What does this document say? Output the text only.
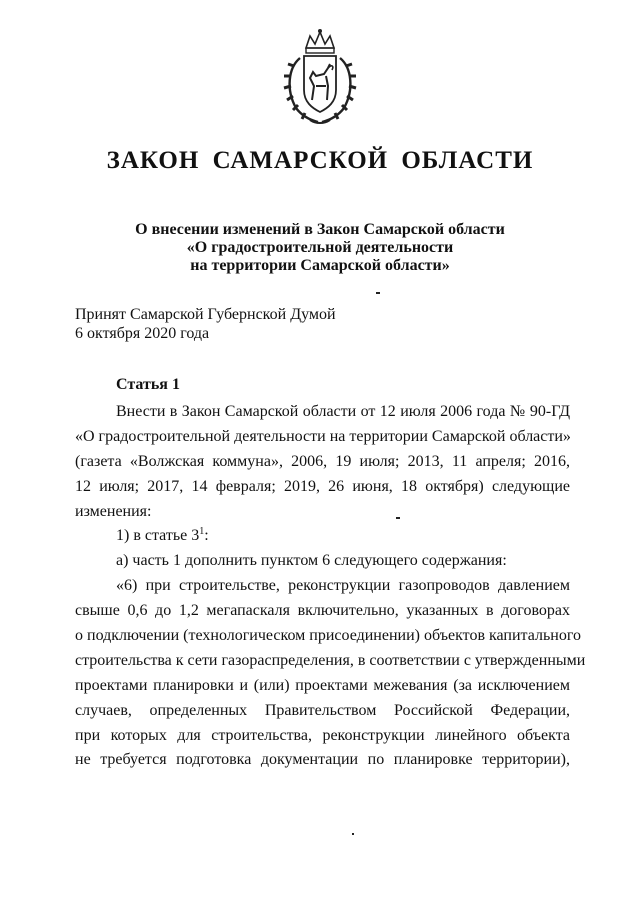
ЗАКОН САМАРСКОЙ ОБЛАСТИ
О внесении изменений в Закон Самарской области
«О градостроительной деятельности
на территории Самарской области»
Принят Самарской Губернской Думой
6 октября 2020 года
Статья 1
Внести в Закон Самарской области от 12 июля 2006 года № 90-ГД
«О градостроительной деятельности на территории Самарской области»
(газета «Волжская коммуна», 2006, 19 июля; 2013, 11 апреля; 2016,
12 июля; 2017, 14 февраля; 2019, 26 июня, 18 октября) следующие
изменения:
1) в статье $3^1$:
а) часть 1 дополнить пунктом 6 следующего содержания:
«6) при строительстве, реконструкции газопроводов давлением
свыше 0,6 до 1,2 мегапаскаля включительно, указанных в договорах
о подключении (технологическом присоединении) объектов капитального
строительства к сети газораспределения, в соответствии с утвержденными
проектами планировки и (или) проектами межевания (за исключением
случаев, определенных Правительством Российской Федерации,
при которых для строительства, реконструкции линейного объекта
не требуется подготовка документации по планировке территории),
